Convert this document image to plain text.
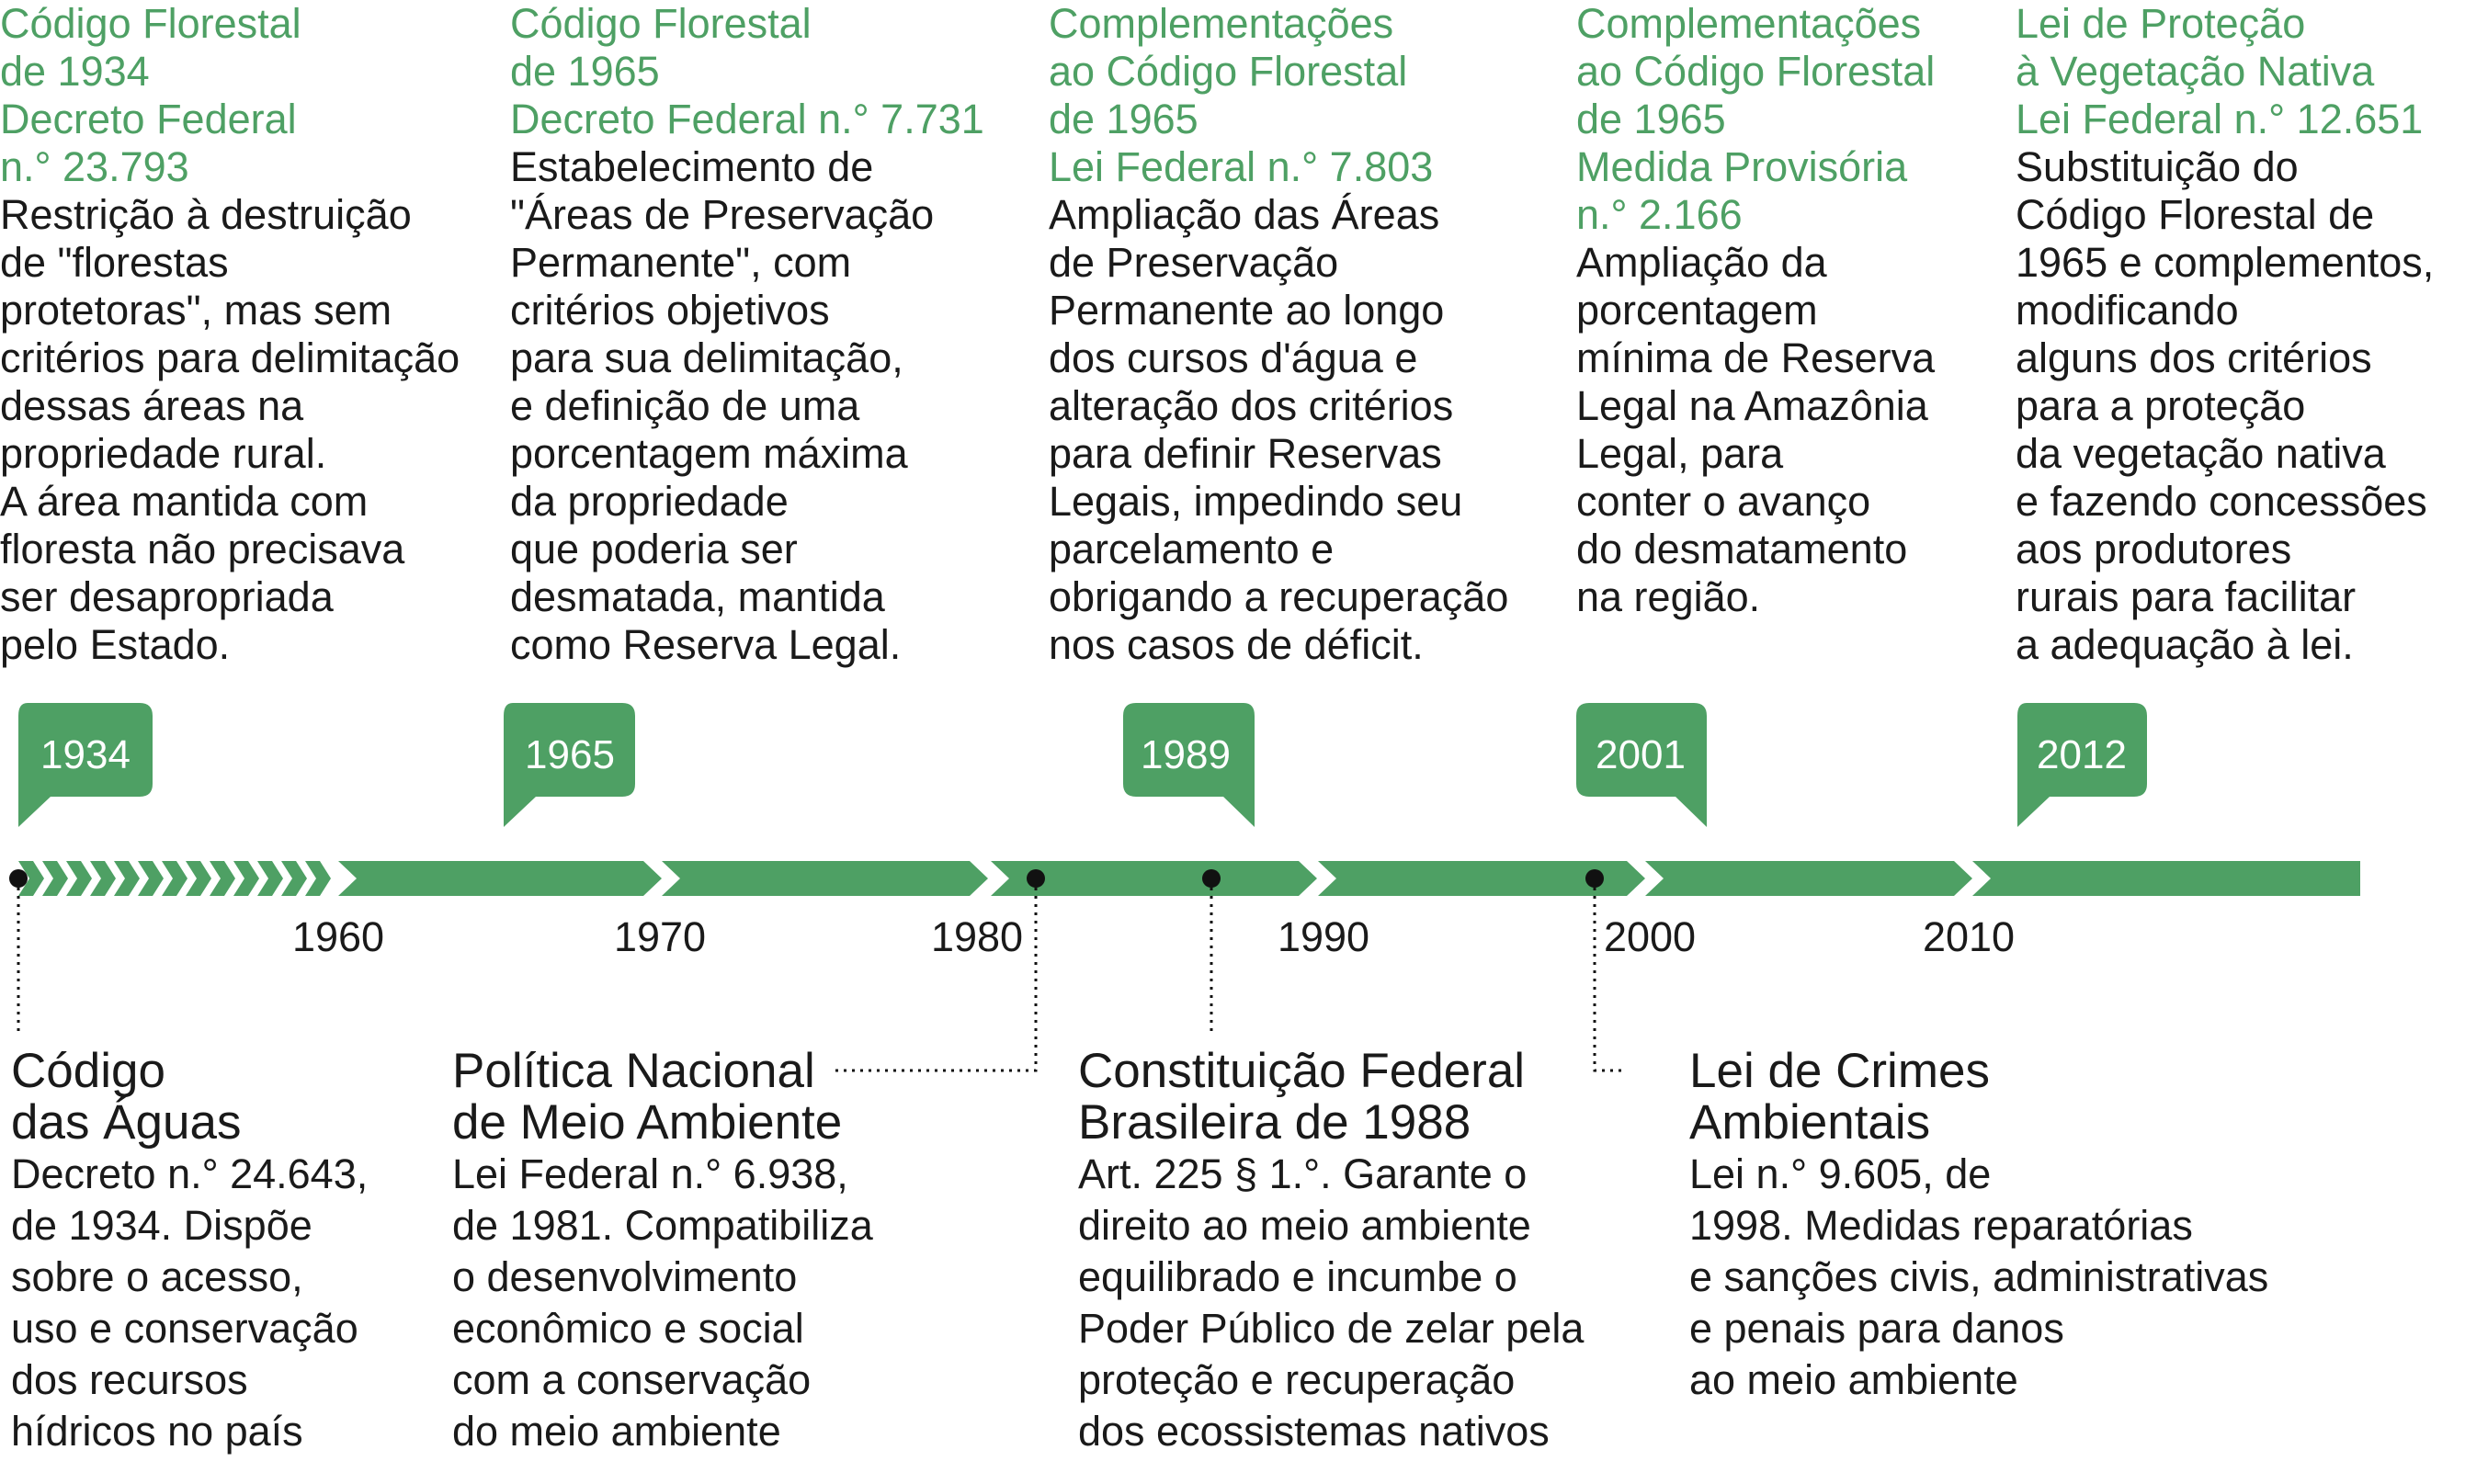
Código Florestal
de 1934
Decreto Federal
n.° 23.793
Restrição à destruição
de "florestas
protetoras", mas sem
critérios para delimitação
dessas áreas na
propriedade rural.
A área mantida com
floresta não precisava
ser desapropriada
pelo Estado.
Código Florestal
de 1965
Decreto Federal n.° 7.731
Estabelecimento de
"Áreas de Preservação
Permanente", com
critérios objetivos
para sua delimitação,
e definição de uma
porcentagem máxima
da propriedade
que poderia ser
desmatada, mantida
como Reserva Legal.
Complementações
ao Código Florestal
de 1965
Lei Federal n.° 7.803
Ampliação das Áreas
de Preservação
Permanente ao longo
dos cursos d'água e
alteração dos critérios
para definir Reservas
Legais, impedindo seu
parcelamento e
obrigando a recuperação
nos casos de déficit.
Complementações
ao Código Florestal
de 1965
Medida Provisória
n.° 2.166
Ampliação da
porcentagem
mínima de Reserva
Legal na Amazônia
Legal, para
conter o avanço
do desmatamento
na região.
Lei de Proteção
à Vegetação Nativa
Lei Federal n.° 12.651
Substituição do
Código Florestal de
1965 e complementos,
modificando
alguns dos critérios
para a proteção
da vegetação nativa
e fazendo concessões
aos produtores
rurais para facilitar
a adequação à lei.
1934	1965	1989	2001	2012
1960	1970	1980	1990	2000	2010
Código
das Águas
Decreto n.° 24.643,
de 1934. Dispõe
sobre o acesso,
uso e conservação
dos recursos
hídricos no país
Política Nacional
de Meio Ambiente
Lei Federal n.° 6.938,
de 1981. Compatibiliza
o desenvolvimento
econômico e social
com a conservação
do meio ambiente
Constituição Federal
Brasileira de 1988
Art. 225 § 1.°. Garante o
direito ao meio ambiente
equilibrado e incumbe o
Poder Público de zelar pela
proteção e recuperação
dos ecossistemas nativos
Lei de Crimes
Ambientais
Lei n.° 9.605, de
1998. Medidas reparatórias
e sanções civis, administrativas
e penais para danos
ao meio ambiente
